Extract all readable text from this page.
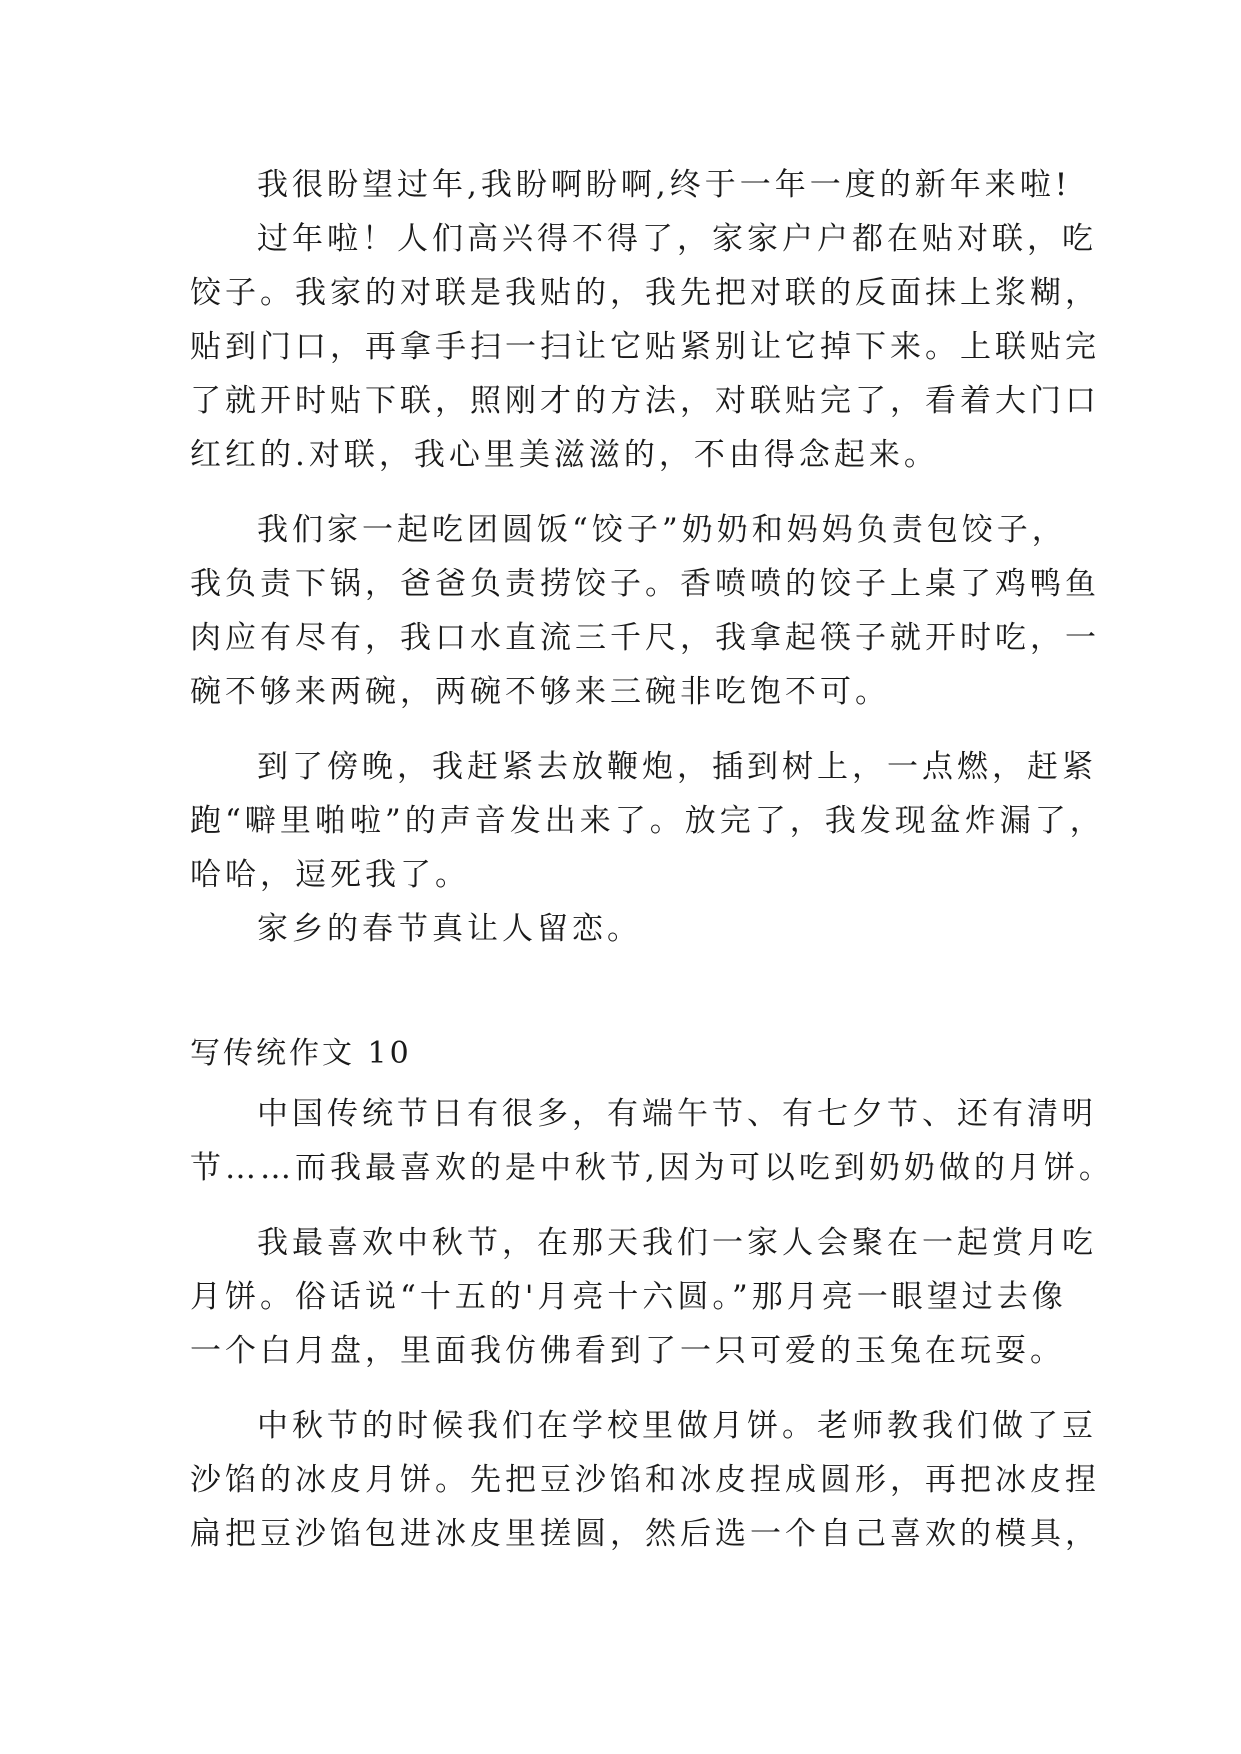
我很盼望过年,我盼啊盼啊,终于一年一度的新年来啦!
过年啦！人们高兴得不得了，家家户户都在贴对联，吃
饺子。我家的对联是我贴的，我先把对联的反面抹上浆糊，
贴到门口，再拿手扫一扫让它贴紧别让它掉下来。上联贴完
了就开时贴下联，照刚才的方法，对联贴完了，看着大门口
红红的.对联，我心里美滋滋的，不由得念起来。
我们家一起吃团圆饭“饺子”奶奶和妈妈负责包饺子，
我负责下锅，爸爸负责捞饺子。香喷喷的饺子上桌了鸡鸭鱼
肉应有尽有，我口水直流三千尺，我拿起筷子就开时吃，一
碗不够来两碗，两碗不够来三碗非吃饱不可。
到了傍晚，我赶紧去放鞭炮，插到树上，一点燃，赶紧
跑“噼里啪啦”的声音发出来了。放完了，我发现盆炸漏了，
哈哈，逗死我了。
家乡的春节真让人留恋。
写传统作文 10
中国传统节日有很多，有端午节、有七夕节、还有清明
节……而我最喜欢的是中秋节,因为可以吃到奶奶做的月饼。
我最喜欢中秋节，在那天我们一家人会聚在一起赏月吃
月饼。俗话说“十五的'月亮十六圆。”那月亮一眼望过去像
一个白月盘，里面我仿佛看到了一只可爱的玉兔在玩耍。
中秋节的时候我们在学校里做月饼。老师教我们做了豆
沙馅的冰皮月饼。先把豆沙馅和冰皮捏成圆形，再把冰皮捏
扁把豆沙馅包进冰皮里搓圆，然后选一个自己喜欢的模具，
